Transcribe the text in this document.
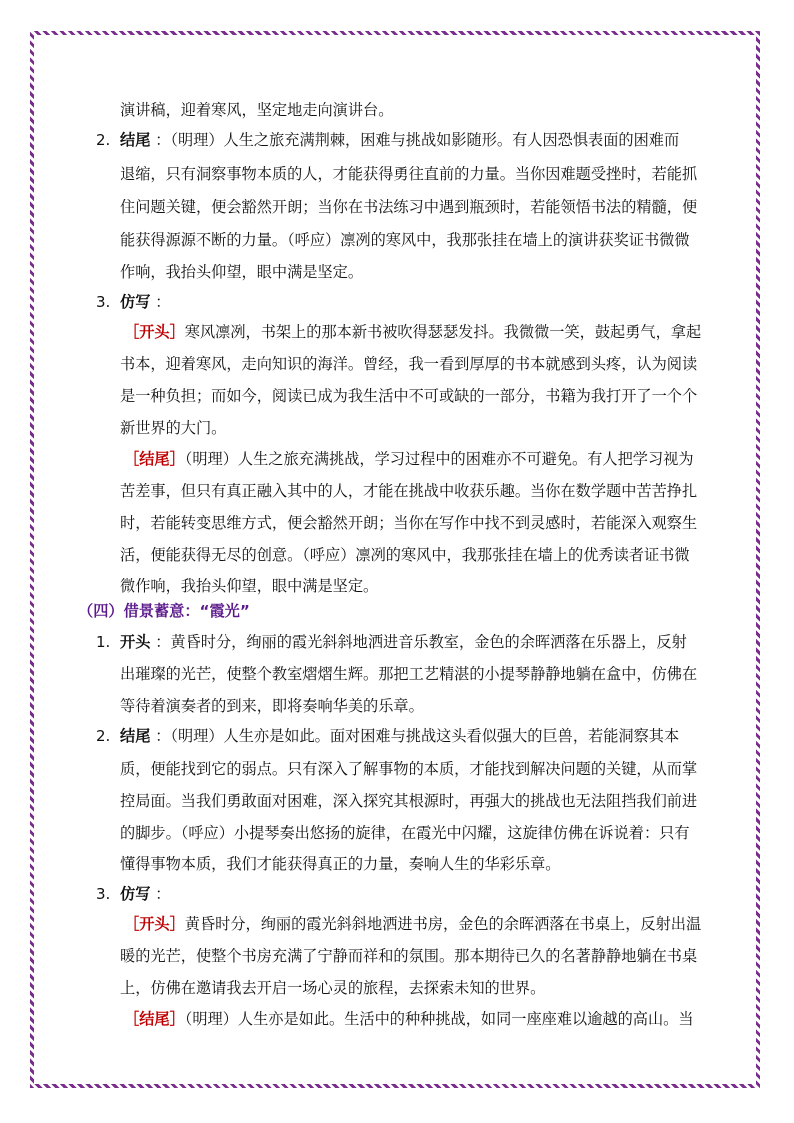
演讲稿，迎着寒风，坚定地走向演讲台。
2. 结尾 ：（明理）人生之旅充满荆棘，困难与挑战如影随形。有人因恐惧表面的困难而
退缩，只有洞察事物本质的人，才能获得勇往直前的力量。当你因难题受挫时，若能抓
住问题关键，便会豁然开朗；当你在书法练习中遇到瓶颈时，若能领悟书法的精髓，便
能获得源源不断的力量。（呼应）凛冽的寒风中，我那张挂在墙上的演讲获奖证书微微
作响，我抬头仰望，眼中满是坚定。
3. 仿写 ：
［开头］寒风凛冽，书架上的那本新书被吹得瑟瑟发抖。我微微一笑，鼓起勇气，拿起
书本，迎着寒风，走向知识的海洋。曾经，我一看到厚厚的书本就感到头疼，认为阅读
是一种负担；而如今，阅读已成为我生活中不可或缺的一部分，书籍为我打开了一个个
新世界的大门。
［结尾］（明理）人生之旅充满挑战，学习过程中的困难亦不可避免。有人把学习视为
苦差事，但只有真正融入其中的人，才能在挑战中收获乐趣。当你在数学题中苦苦挣扎
时，若能转变思维方式，便会豁然开朗；当你在写作中找不到灵感时，若能深入观察生
活，便能获得无尽的创意。（呼应）凛冽的寒风中，我那张挂在墙上的优秀读者证书微
微作响，我抬头仰望，眼中满是坚定。
（四）借景蓄意：“霞光”
1. 开头 ：黄昏时分，绚丽的霞光斜斜地洒进音乐教室，金色的余晖洒落在乐器上，反射
出璀璨的光芒，使整个教室熠熠生辉。那把工艺精湛的小提琴静静地躺在盒中，仿佛在
等待着演奏者的到来，即将奏响华美的乐章。
2. 结尾 ：（明理）人生亦是如此。面对困难与挑战这头看似强大的巨兽，若能洞察其本
质，便能找到它的弱点。只有深入了解事物的本质，才能找到解决问题的关键，从而掌
控局面。当我们勇敢面对困难，深入探究其根源时，再强大的挑战也无法阻挡我们前进
的脚步。（呼应）小提琴奏出悠扬的旋律，在霞光中闪耀，这旋律仿佛在诉说着：只有
懂得事物本质，我们才能获得真正的力量，奏响人生的华彩乐章。
3. 仿写 ：
［开头］黄昏时分，绚丽的霞光斜斜地洒进书房，金色的余晖洒落在书桌上，反射出温
暖的光芒，使整个书房充满了宁静而祥和的氛围。那本期待已久的名著静静地躺在书桌
上，仿佛在邀请我去开启一场心灵的旅程，去探索未知的世界。
［结尾］（明理）人生亦是如此。生活中的种种挑战，如同一座座难以逾越的高山。当
